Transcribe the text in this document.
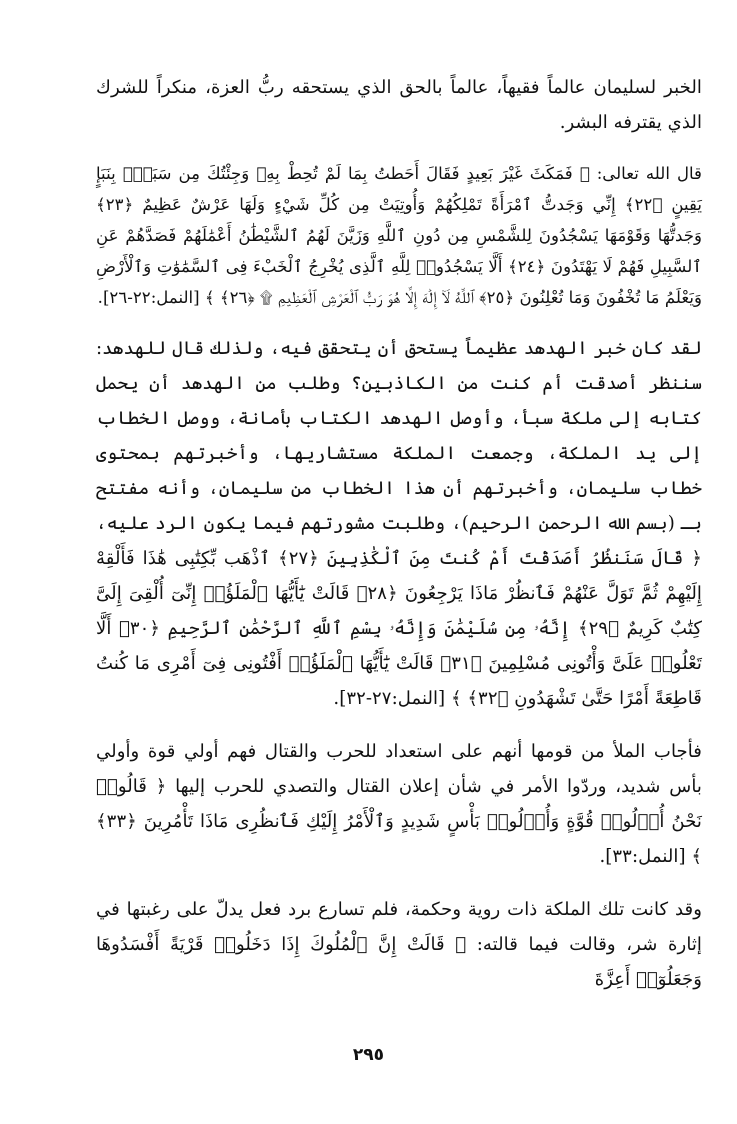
الخبر لسليمان عالماً فقيهاً، عالماً بالحق الذي يستحقه ربُّ العزة، منكراً للشرك الذي يقترفه البشر.

قال الله تعالى: ﴿ فَمَكَثَ غَيْرَ بَعِيدٍ فَقَالَ أَحَطتُ بِمَا لَمْ تُحِطْ بِهِۦ وَجِئْتُكَ مِن سَبَإِۭ بِنَبَإٍ يَقِينٍ ﴿٢٢﴾ إِنِّي وَجَدتُّ ٱمْرَأَةً تَمْلِكُهُمْ وَأُوتِيَتْ مِن كُلِّ شَيْءٍ وَلَهَا عَرْشٌ عَظِيمٌ ﴿٢٣﴾ وَجَدتُّهَا وَقَوْمَهَا يَسْجُدُونَ لِلشَّمْسِ مِن دُونِ ٱللَّهِ وَزَيَّنَ لَهُمُ ٱلشَّيْطَٰنُ أَعْمَٰلَهُمْ فَصَدَّهُمْ عَنِ ٱلسَّبِيلِ فَهُمْ لَا يَهْتَدُونَ ﴿٢٤﴾ أَلَّا يَسْجُدُوا۟ لِلَّهِ ٱلَّذِى يُخْرِجُ ٱلْخَبْءَ فِى ٱلسَّمَٰوَٰتِ وَٱلْأَرْضِ وَيَعْلَمُ مَا تُخْفُونَ وَمَا تُعْلِنُونَ ﴿٢٥﴾ ٱللَّهُ لَآ إِلَٰهَ إِلَّا هُوَ رَبُّ ٱلْعَرْشِ ٱلْعَظِيمِ ۩ ﴿٢٦﴾ ﴾ [النمل:٢٢-٢٦].

لقد كان خبر الهدهد عظيماً يستحق أن يتحقق فيه، ولذلك قال للهدهد: سننظر أصدقت أم كنت من الكاذبين؟ وطلب من الهدهد أن يحمل كتابه إلى ملكة سبأ، وأوصل الهدهد الكتاب بأمانة، ووصل الخطاب إلى يد الملكة، وجمعت الملكة مستشاريها، وأخبرتهم بمحتوى خطاب سليمان، وأخبرتهم أن هذا الخطاب من سليمان، وأنه مفتتح بـ (بسم الله الرحمن الرحيم)، وطلبت مشورتهم فيما يكون الرد عليه، ﴿ قَالَ سَنَنظُرُ أَصَدَقْتَ أَمْ كُنتَ مِنَ ٱلْكَٰذِبِينَ ﴿٢٧﴾ ٱذْهَب بِّكِتَٰبِى هَٰذَا فَأَلْقِهْ إِلَيْهِمْ ثُمَّ تَوَلَّ عَنْهُمْ فَٱنظُرْ مَاذَا يَرْجِعُونَ ﴿٢٨﴾ قَالَتْ يَٰٓأَيُّهَا ٱلْمَلَؤُا۟ إِنِّىٓ أُلْقِىَ إِلَىَّ كِتَٰبٌ كَرِيمٌ ﴿٢٩﴾ إِنَّهُۥ مِن سُلَيْمَٰنَ وَإِنَّهُۥ بِسْمِ ٱللَّهِ ٱلرَّحْمَٰنِ ٱلرَّحِيمِ ﴿٣٠﴾ أَلَّا تَعْلُوا۟ عَلَىَّ وَأْتُونِى مُسْلِمِينَ ﴿٣١﴾ قَالَتْ يَٰٓأَيُّهَا ٱلْمَلَؤُا۟ أَفْتُونِى فِىٓ أَمْرِى مَا كُنتُ قَاطِعَةً أَمْرًا حَتَّىٰ تَشْهَدُونِ ﴿٣٢﴾ ﴾ [النمل:٢٧-٣٢].

فأجاب الملأ من قومها أنهم على استعداد للحرب والقتال فهم أولي قوة وأولي بأس شديد، وردّوا الأمر في شأن إعلان القتال والتصدي للحرب إليها ﴿ قَالُوا۟ نَحْنُ أُو۟لُوا۟ قُوَّةٍ وَأُو۟لُوا۟ بَأْسٍ شَدِيدٍ وَٱلْأَمْرُ إِلَيْكِ فَٱنظُرِى مَاذَا تَأْمُرِينَ ﴿٣٣﴾ ﴾ [النمل:٣٣].

وقد كانت تلك الملكة ذات روية وحكمة، فلم تسارع برد فعل يدلّ على رغبتها في إثارة شر، وقالت فيما قالته: ﴿ قَالَتْ إِنَّ ٱلْمُلُوكَ إِذَا دَخَلُوا۟ قَرْيَةً أَفْسَدُوهَا وَجَعَلُوٓا۟ أَعِزَّةَ

٢٩٥
